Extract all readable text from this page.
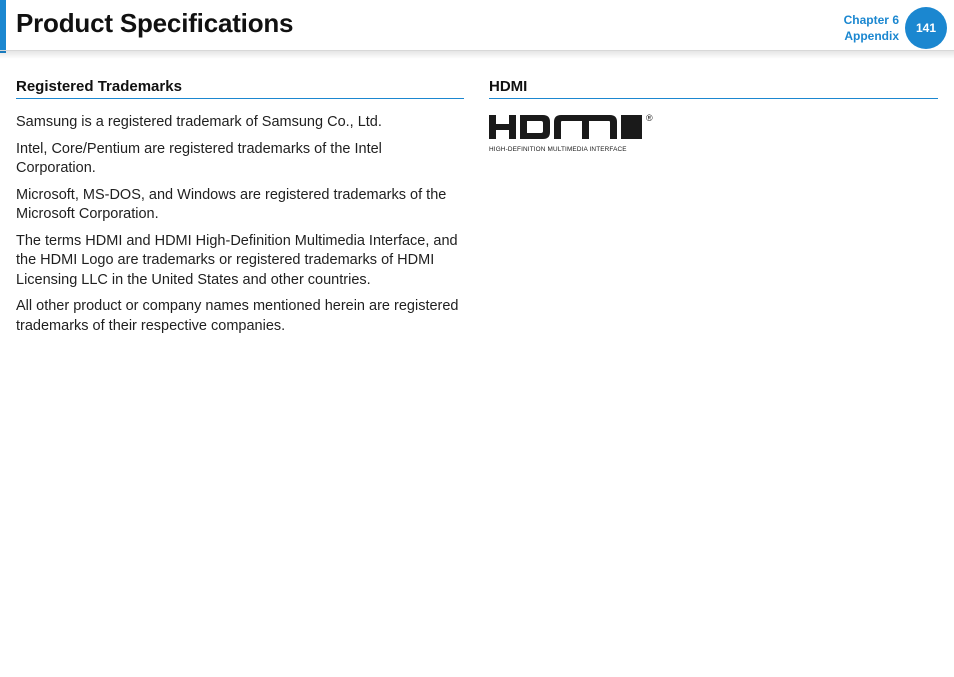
Product Specifications	Chapter 6
Appendix
141
Registered Trademarks

Samsung is a registered trademark of Samsung Co., Ltd.

Intel, Core/Pentium are registered trademarks of the Intel Corporation.

Microsoft, MS-DOS, and Windows are registered trademarks of the Microsoft Corporation.

The terms HDMI and HDMI High-Definition Multimedia Interface, and the HDMI Logo are trademarks or registered trademarks of HDMI Licensing LLC in the United States and other countries.

All other product or company names mentioned herein are registered trademarks of their respective companies.

HDMI
®
HIGH-DEFINITION MULTIMEDIA INTERFACE
